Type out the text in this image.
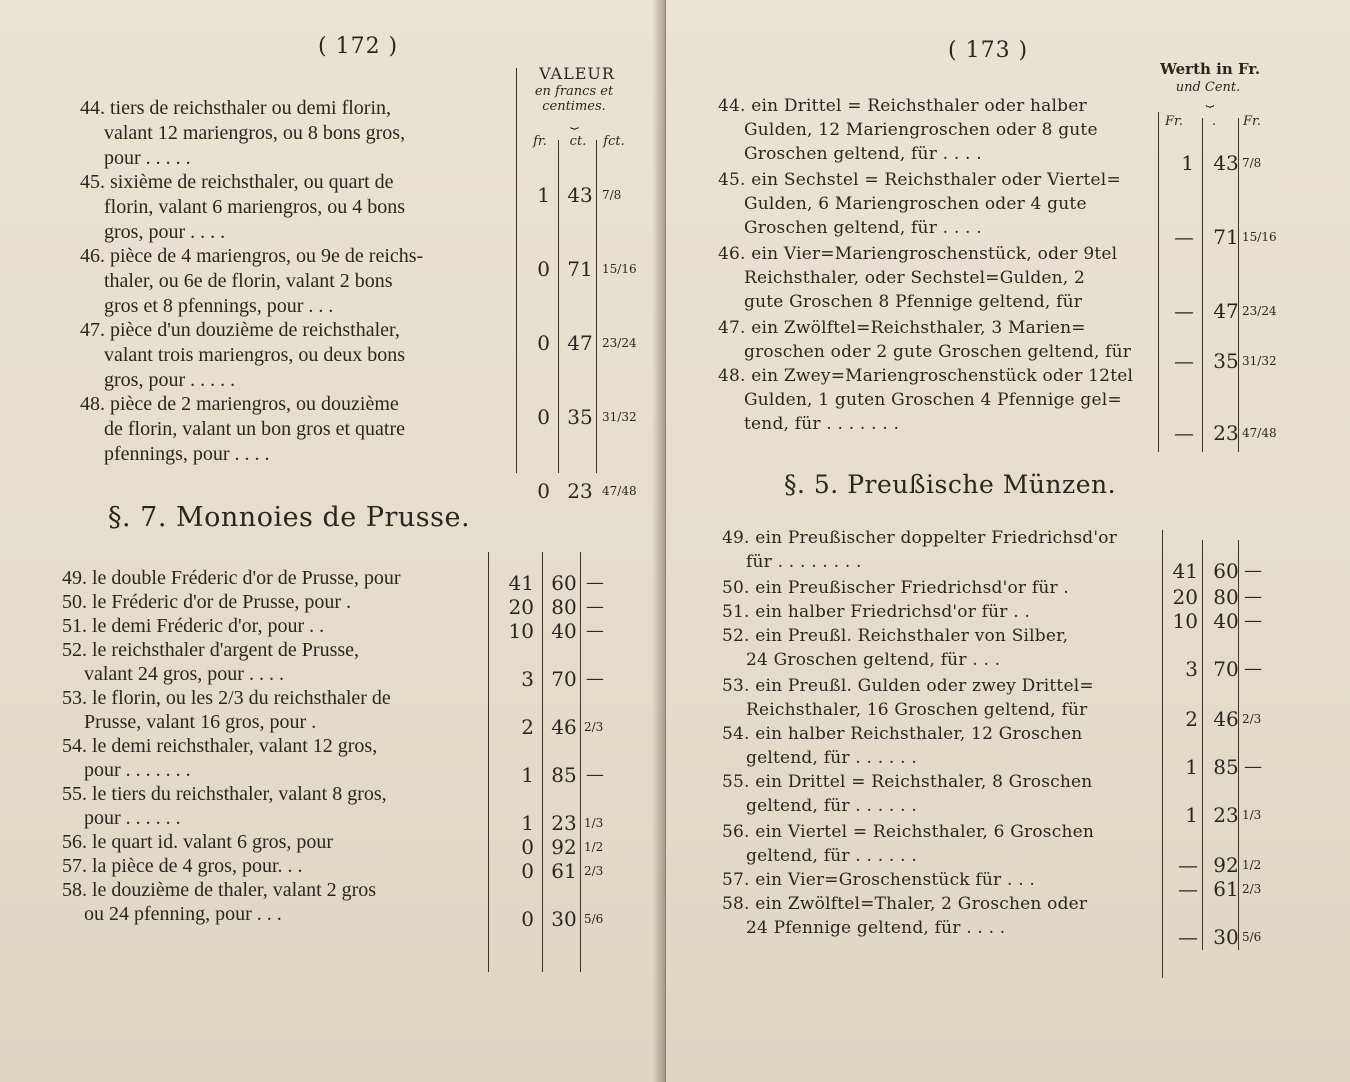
( 172 )
VALEUR
en francs et centimes.
⏟
fr.	ct. fct.
§. 7. Monnoies de Prusse.
44. tiers de reichsthaler ou demi florin,
valant 12 mariengros, ou 8 bons gros,
pour . . . . .
1 43 7/8
45. sixième de reichsthaler, ou quart de
florin, valant 6 mariengros, ou 4 bons
gros, pour . . . .
0 71 15/16
46. pièce de 4 mariengros, ou 9e de reichs-
thaler, ou 6e de florin, valant 2 bons
gros et 8 pfennings, pour . . .
0 47 23/24
47. pièce d'un douzième de reichsthaler,
valant trois mariengros, ou deux bons
gros, pour . . . . .
0 35 31/32
48. pièce de 2 mariengros, ou douzième
de florin, valant un bon gros et quatre
pfennings, pour . . . .
0 23 47/48
49. le double Fréderic d'or de Prusse, pour	41 60 —
50. le Fréderic d'or de Prusse, pour .	20 80 —
51. le demi Fréderic d'or, pour . .	10 40 —
52. le reichsthaler d'argent de Prusse,
valant 24 gros, pour . . . .	3 70 —
53. le florin, ou les 2/3 du reichsthaler de
Prusse, valant 16 gros, pour .	2 46 2/3
54. le demi reichsthaler, valant 12 gros,
pour . . . . . . .	1 85 —
55. le tiers du reichsthaler, valant 8 gros,
pour . . . . . .	1 23 1/3
56. le quart id. valant 6 gros, pour	0 92 1/2
57. la pièce de 4 gros, pour. . .	0 61 2/3
58. le douzième de thaler, valant 2 gros
ou 24 pfenning, pour . . .	0 30 5/6
( 173 )
Werth in Fr.
und Cent.
⏟
Fr.	.	Fr.
§. 5. Preußische Münzen.
44. ein Drittel = Reichsthaler oder halber
Gulden, 12 Mariengroschen oder 8 gute
Groschen geltend, für . . . .	1 43 7/8
45. ein Sechstel = Reichsthaler oder Viertel=
Gulden, 6 Mariengroschen oder 4 gute
Groschen geltend, für . . . .	— 71 15/16
46. ein Vier=Mariengroschenstück, oder 9tel
Reichsthaler, oder Sechstel=Gulden, 2
gute Groschen 8 Pfennige geltend, für	— 47 23/24
47. ein Zwölftel=Reichsthaler, 3 Marien=
groschen oder 2 gute Groschen geltend, für	— 35 31/32
48. ein Zwey=Mariengroschenstück oder 12tel
Gulden, 1 guten Groschen 4 Pfennige gel=
tend, für . . . . . . .	— 23 47/48
49. ein Preußischer doppelter Friedrichsd'or
für . . . . . . . .	41 60 —
50. ein Preußischer Friedrichsd'or für .	20 80 —
51. ein halber Friedrichsd'or für . .	10 40 —
52. ein Preußl. Reichsthaler von Silber,
24 Groschen geltend, für . . .	3 70 —
53. ein Preußl. Gulden oder zwey Drittel=
Reichsthaler, 16 Groschen geltend, für	2 46 2/3
54. ein halber Reichsthaler, 12 Groschen
geltend, für . . . . . .	1 85 —
55. ein Drittel = Reichsthaler, 8 Groschen
geltend, für . . . . . .	1 23 1/3
56. ein Viertel = Reichsthaler, 6 Groschen
geltend, für . . . . . .	— 92 1/2
57. ein Vier=Groschenstück für . . .	— 61 2/3
58. ein Zwölftel=Thaler, 2 Groschen oder
24 Pfennige geltend, für . . . .	— 30 5/6
